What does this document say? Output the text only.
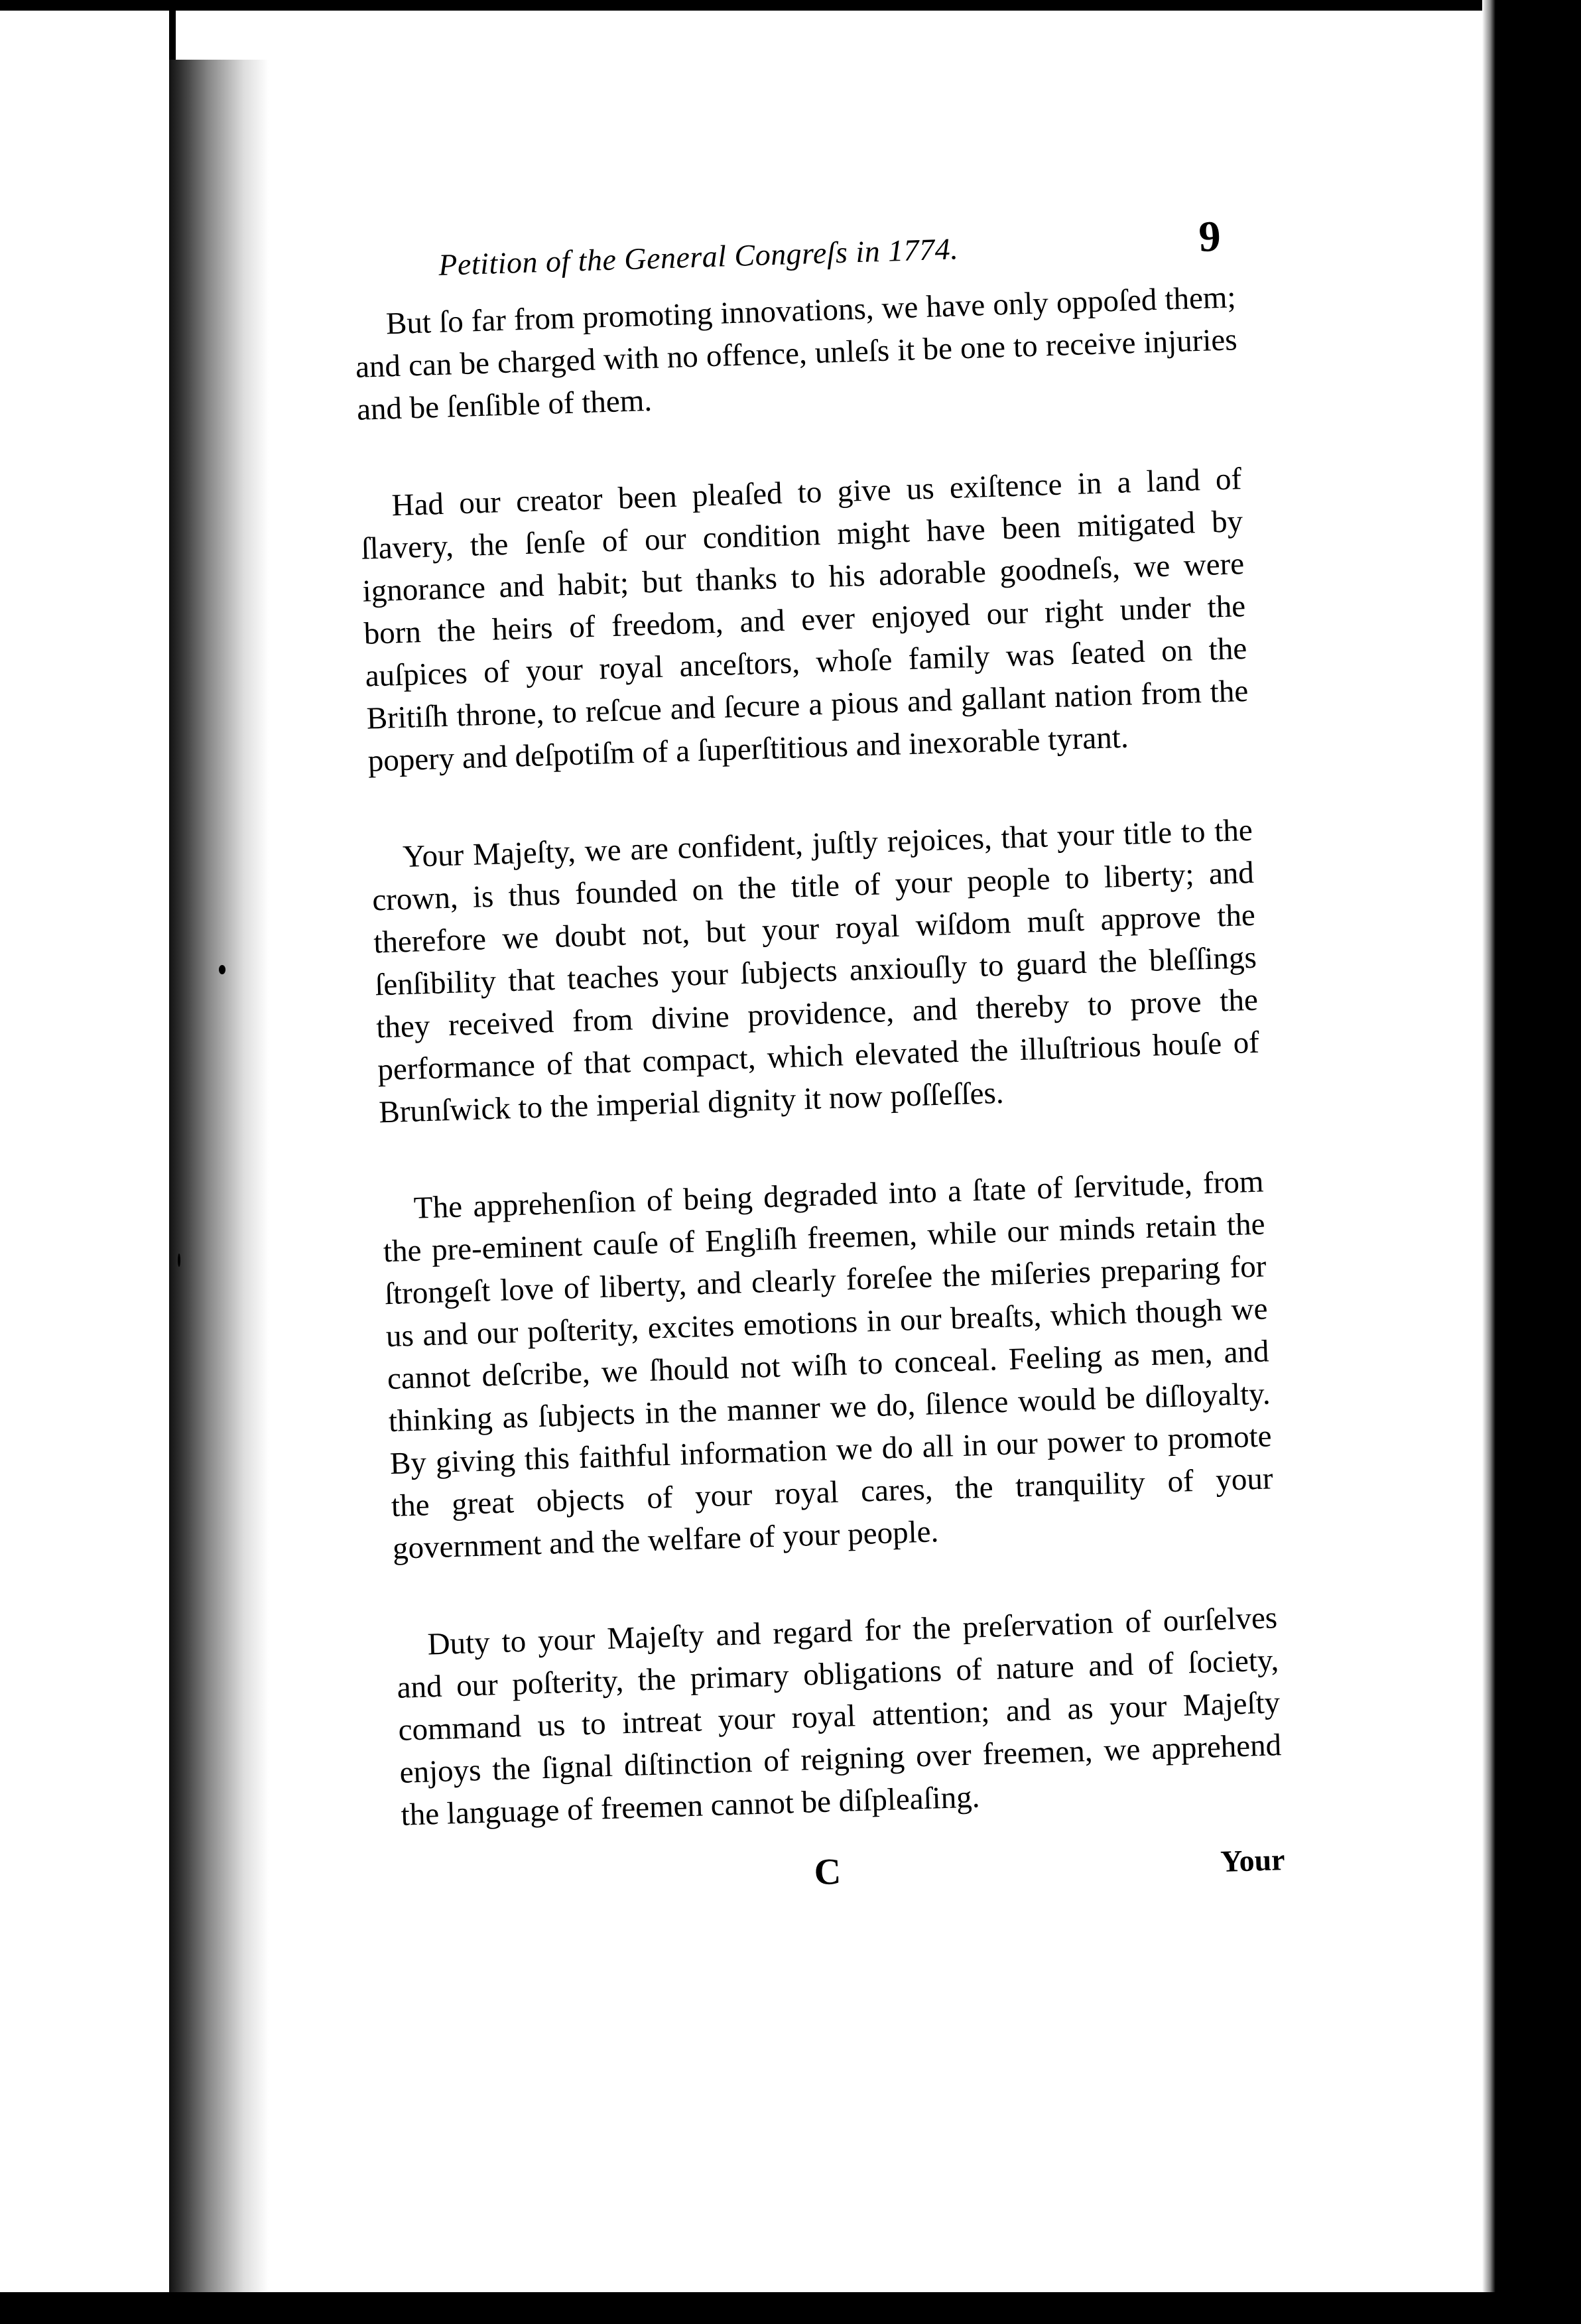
Petition of the General Congreſs in 1774.	9

But ſo far from promoting innovations, we have only oppoſed them; and can be charged with no offence, unleſs it be one to receive injuries and be ſenſible of them.

Had our creator been pleaſed to give us exiſtence in a land of ſlavery, the ſenſe of our condition might have been mitigated by ignorance and habit; but thanks to his adorable goodneſs, we were born the heirs of freedom, and ever enjoyed our right under the auſpices of your royal anceſtors, whoſe family was ſeated on the Britiſh throne, to reſcue and ſecure a pious and gallant nation from the popery and deſpotiſm of a ſuperſtitious and inexorable tyrant.

Your Majeſty, we are confident, juſtly rejoices, that your title to the crown, is thus founded on the title of your people to liberty; and therefore we doubt not, but your royal wiſdom muſt approve the ſenſibility that teaches your ſubjects anxiouſly to guard the bleſſings they received from divine providence, and thereby to prove the performance of that compact, which elevated the illuſtrious houſe of Brunſwick to the imperial dignity it now poſſeſſes.

The apprehenſion of being degraded into a ſtate of ſervitude, from the pre-eminent cauſe of Engliſh freemen, while our minds retain the ſtrongeſt love of liberty, and clearly foreſee the miſeries preparing for us and our poſterity, excites emotions in our breaſts, which though we cannot deſcribe, we ſhould not wiſh to conceal. Feeling as men, and thinking as ſubjects in the manner we do, ſilence would be diſloyalty. By giving this faithful information we do all in our power to promote the great objects of your royal cares, the tranquility of your government and the welfare of your people.

Duty to your Majeſty and regard for the preſervation of ourſelves and our poſterity, the primary obligations of nature and of ſociety, command us to intreat your royal attention; and as your Majeſty enjoys the ſignal diſtinction of reigning over freemen, we apprehend the language of freemen cannot be diſpleaſing.

C	Your
